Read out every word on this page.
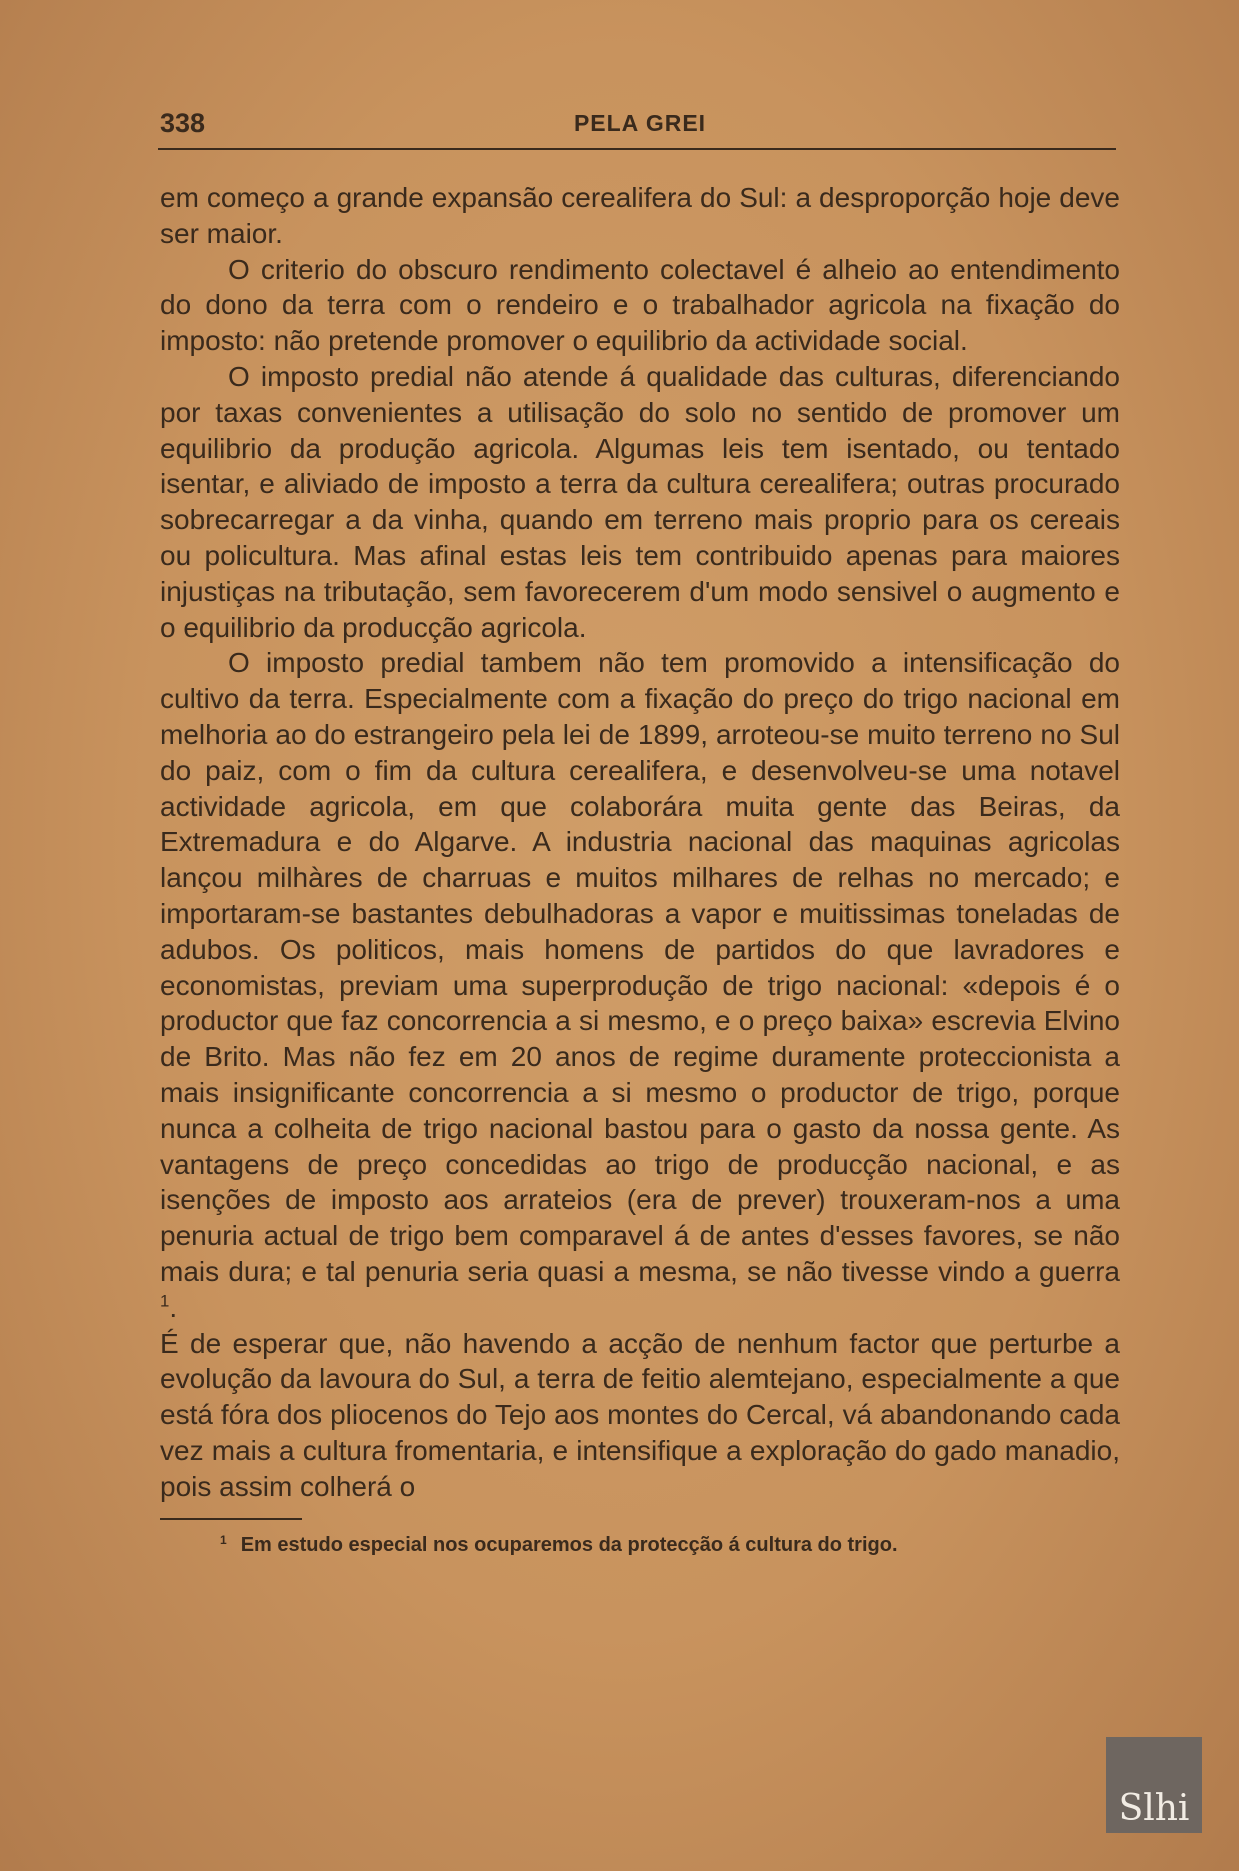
338	PELA GREI

em começo a grande expansão cerealifera do Sul: a desproporção hoje deve ser maior.

O criterio do obscuro rendimento colectavel é alheio ao entendimento do dono da terra com o rendeiro e o trabalhador agricola na fixação do imposto: não pretende promover o equilibrio da actividade social.

O imposto predial não atende á qualidade das culturas, diferenciando por taxas convenientes a utilisação do solo no sentido de promover um equilibrio da produção agricola. Algumas leis tem isentado, ou tentado isentar, e aliviado de imposto a terra da cultura cerealifera; outras procurado sobrecarregar a da vinha, quando em terreno mais proprio para os cereais ou policultura. Mas afinal estas leis tem contribuido apenas para maiores injustiças na tributação, sem favorecerem d'um modo sensivel o augmento e o equilibrio da producção agricola.

O imposto predial tambem não tem promovido a intensificação do cultivo da terra. Especialmente com a fixação do preço do trigo nacional em melhoria ao do estrangeiro pela lei de 1899, arroteou-se muito terreno no Sul do paiz, com o fim da cultura cerealifera, e desenvolveu-se uma notavel actividade agricola, em que colaborára muita gente das Beiras, da Extremadura e do Algarve. A industria nacional das maquinas agricolas lançou milhàres de charruas e muitos milhares de relhas no mercado; e importaram-se bastantes debulhadoras a vapor e muitissimas toneladas de adubos. Os politicos, mais homens de partidos do que lavradores e economistas, previam uma superprodução de trigo nacional: «depois é o productor que faz concorrencia a si mesmo, e o preço baixa» escrevia Elvino de Brito. Mas não fez em 20 anos de regime duramente proteccionista a mais insignificante concorrencia a si mesmo o productor de trigo, porque nunca a colheita de trigo nacional bastou para o gasto da nossa gente. As vantagens de preço concedidas ao trigo de producção nacional, e as isenções de imposto aos arrateios (era de prever) trouxeram-nos a uma penuria actual de trigo bem comparavel á de antes d'esses favores, se não mais dura; e tal penuria seria quasi a mesma, se não tivesse vindo a guerra $^1$.

É de esperar que, não havendo a acção de nenhum factor que perturbe a evolução da lavoura do Sul, a terra de feitio alemtejano, especialmente a que está fóra dos pliocenos do Tejo aos montes do Cercal, vá abandonando cada vez mais a cultura fromentaria, e intensifique a exploração do gado manadio, pois assim colherá o

$^1$ Em estudo especial nos ocuparemos da protecção á cultura do trigo.
Slhi
